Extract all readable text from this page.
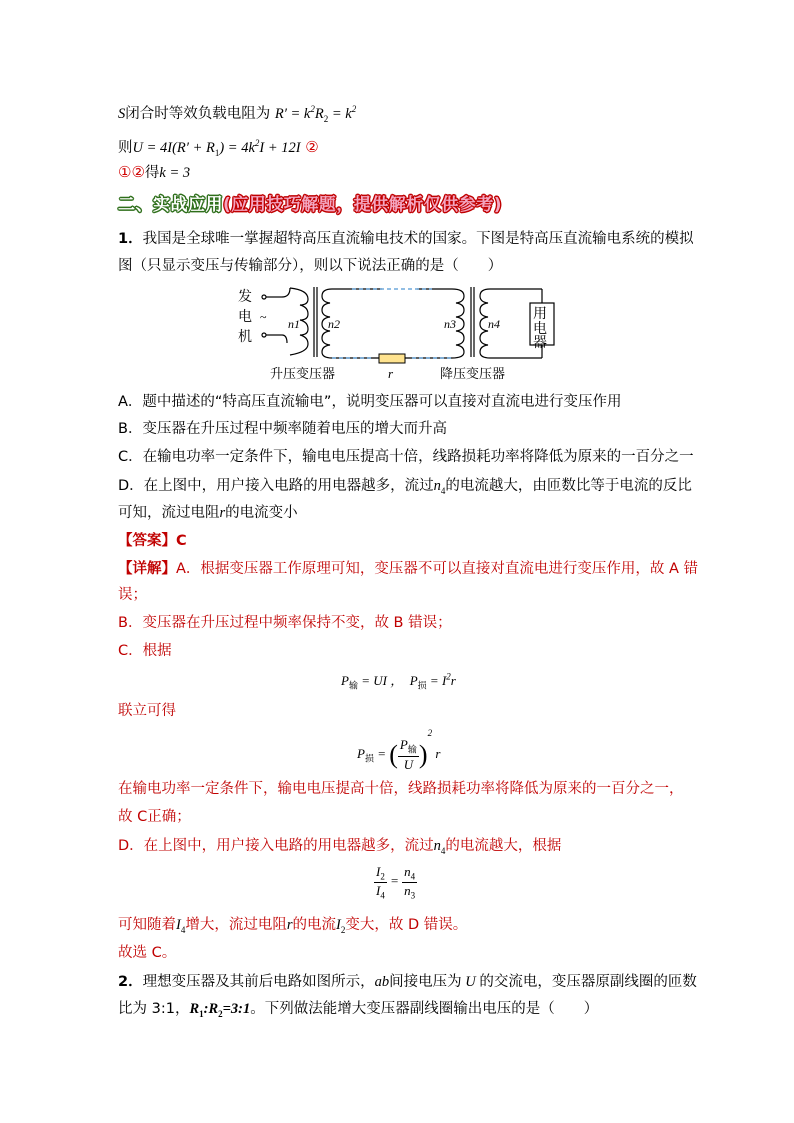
S闭合时等效负载电阻为 $R' = k^2R_2 = k^2$
则$U = 4I(R' + R_1) = 4k^2I + 12I$ ②
①②得k = 3
二、实战应用(应用技巧解题，提供解析仅供参考)
1．我国是全球唯一掌握超特高压直流输电技术的国家。下图是特高压直流输电系统的模拟
图（只显示变压与传输部分），则以下说法正确的是（　　）
发
电
机
~	用
电
器
升压变压器	降压变压器
n1 n2	n3	n4
r
A．题中描述的“特高压直流输电”，说明变压器可以直接对直流电进行变压作用
B．变压器在升压过程中频率随着电压的增大而升高
C．在输电功率一定条件下，输电电压提高十倍，线路损耗功率将降低为原来的一百分之一
D．在上图中，用户接入电路的用电器越多，流过$n_4$的电流越大，由匝数比等于电流的反比
可知，流过电阻r的电流变小
【答案】C
【详解】A．根据变压器工作原理可知，变压器不可以直接对直流电进行变压作用，故 A 错
误；
B．变压器在升压过程中频率保持不变，故 B 错误；
C．根据
$P_输$ = UI ，  $P_损 = I^2r$
联立可得
$P_损$ = ( $\frac{P_输}{U} )^2$ r
在输电功率一定条件下，输电电压提高十倍，线路损耗功率将降低为原来的一百分之一，
故 C正确；
D．在上图中，用户接入电路的用电器越多，流过$n_4$的电流越大，根据
$\frac{I_2}{I_4} = \frac{n_4}{n_3}$
可知随着$I_4$增大，流过电阻r的电流$I_2$变大，故 D 错误。
故选 C。
2．理想变压器及其前后电路如图所示，ab间接电压为 U 的交流电，变压器原副线圈的匝数
比为 3:1，$R_1:R_2=3:1$。下列做法能增大变压器副线圈输出电压的是（　　）
